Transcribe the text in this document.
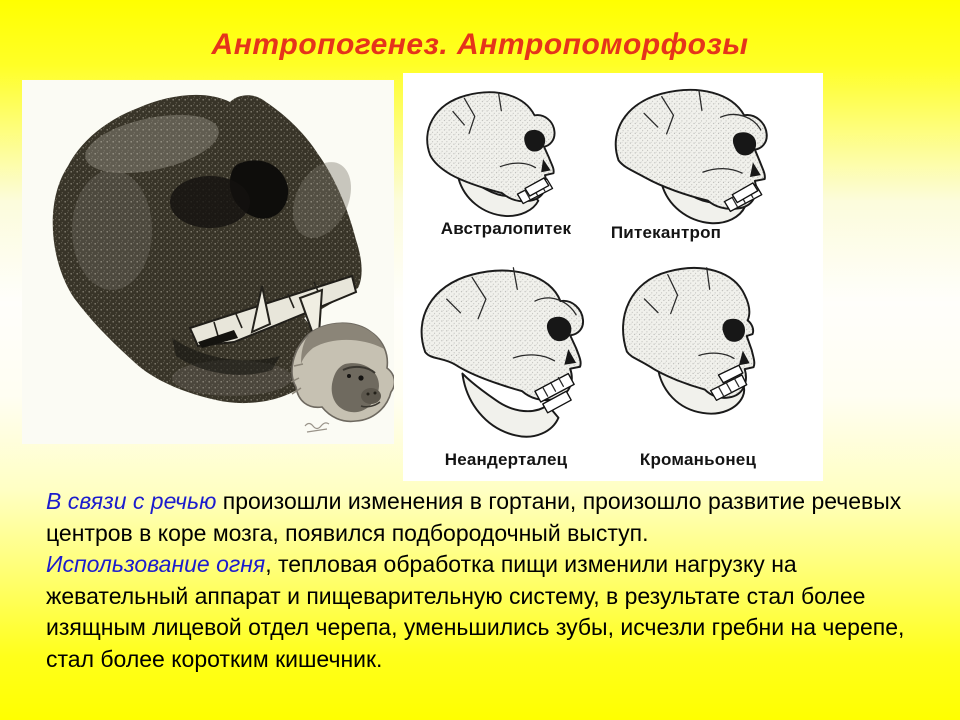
Антропогенез. Антропоморфозы
Австралопитек	Питекантроп
Неандерталец	Кроманьонец

В связи с речью произошли изменения в гортани, произошло развитие речевых центров в коре мозга, появился подбородочный выступ.

Использование огня, тепловая обработка пищи изменили нагрузку на жевательный аппарат и пищеварительную систему, в результате стал более изящным лицевой отдел черепа, уменьшились зубы, исчезли гребни на черепе, стал более коротким кишечник.
